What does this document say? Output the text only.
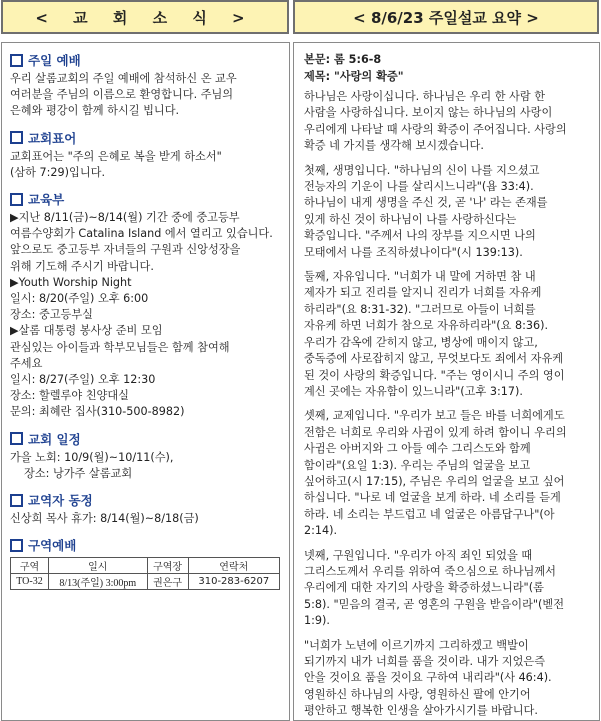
< 교 회 소 식 >	< 8/6/23 주일설교 요약 >
주일 예배

우리 살롬교회의 주일 예배에 참석하신 온 교우

여러분을 주님의 이름으로 환영합니다. 주님의

은혜와 평강이 함께 하시길 빕니다.

교회표어

교회표어는 "주의 은혜로 복을 받게 하소서"

(삼하 7:29)입니다.

교육부

▶지난 8/11(금)~8/14(월) 기간 중에 중고등부

여름수양회가 Catalina Island 에서 열리고 있습니다.

앞으로도 중고등부 자녀들의 구원과 신앙성장을

위해 기도해 주시기 바랍니다.

▶Youth Worship Night

일시: 8/20(주일) 오후 6:00

장소: 중고등부실

▶살롬 대통령 봉사상 준비 모임

관심있는 아이들과 학부모님들은 함께 참여해

주세요

일시: 8/27(주일) 오후 12:30

장소: 할렐루야 친양대실

문의: 최혜란 집사(310-500-8982)

교회 일정

가을 노회: 10/9(월)~10/11(수),

장소: 낭가주 살롬교회

교역자 동정

신상희 목사 휴가: 8/14(월)~8/18(금)

구역예배
구역	일시	구역장	연락처
TO-32	8/13(주일) 3:00pm	권은구	310-283-6207
본문: 롬 5:6-8
제목: "사랑의 확증"

하나님은 사랑이십니다. 하나님은 우리 한 사람 한
사람을 사랑하십니다. 보이지 않는 하나님의 사랑이
우리에게 나타날 때 사랑의 확증이 주어집니다. 사랑의
확증 네 가지를 생각해 보시겠습니다.

첫째, 생명입니다. "하나님의 신이 나를 지으셨고
전능자의 기운이 나를 살리시느니라"(욥 33:4).
하나님이 내게 생명을 주신 것, 곧 '나' 라는 존재를
있게 하신 것이 하나님이 나를 사랑하신다는
확증입니다. "주께서 나의 장부를 지으시면 나의
모태에서 나를 조직하셨나이다"(시 139:13).

둘째, 자유입니다. "너희가 내 말에 거하면 참 내
제자가 되고 진리를 알지니 진리가 너희를 자유케
하리라"(요 8:31-32). "그러므로 아들이 너희를
자유케 하면 너희가 참으로 자유하리라"(요 8:36).
우리가 감옥에 갇히지 않고, 병상에 매이지 않고,
중독증에 사로잡히지 않고, 무엇보다도 죄에서 자유케
된 것이 사랑의 확증입니다. "주는 영이시니 주의 영이
계신 곳에는 자유함이 있느니라"(고후 3:17).

셋째, 교제입니다. "우리가 보고 들은 바를 너희에게도
전함은 너희로 우리와 사귐이 있게 하려 함이니 우리의
사귐은 아버지와 그 아들 예수 그리스도와 함께
함이라"(요일 1:3). 우리는 주님의 얼굴을 보고
싶어하고(시 17:15), 주님은 우리의 얼굴을 보고 싶어
하십니다. "나로 네 얼굴을 보게 하라. 네 소리를 듣게
하라. 네 소리는 부드럽고 네 얼굴은 아름답구나"(아
2:14).

넷째, 구원입니다. "우리가 아직 죄인 되었을 때
그리스도께서 우리를 위하여 죽으심으로 하나님께서
우리에게 대한 자기의 사랑을 확증하셨느니라"(롬
5:8). "믿음의 결국, 곧 영혼의 구원을 받음이라"(벧전
1:9).

"너희가 노년에 이르기까지 그리하겠고 백발이
되기까지 내가 너희를 품을 것이라. 내가 지었은즉
안을 것이요 품을 것이요 구하여 내리라"(사 46:4).
영원하신 하나님의 사랑, 영원하신 팔에 안기어
평안하고 행복한 인생을 살아가시기를 바랍니다.
